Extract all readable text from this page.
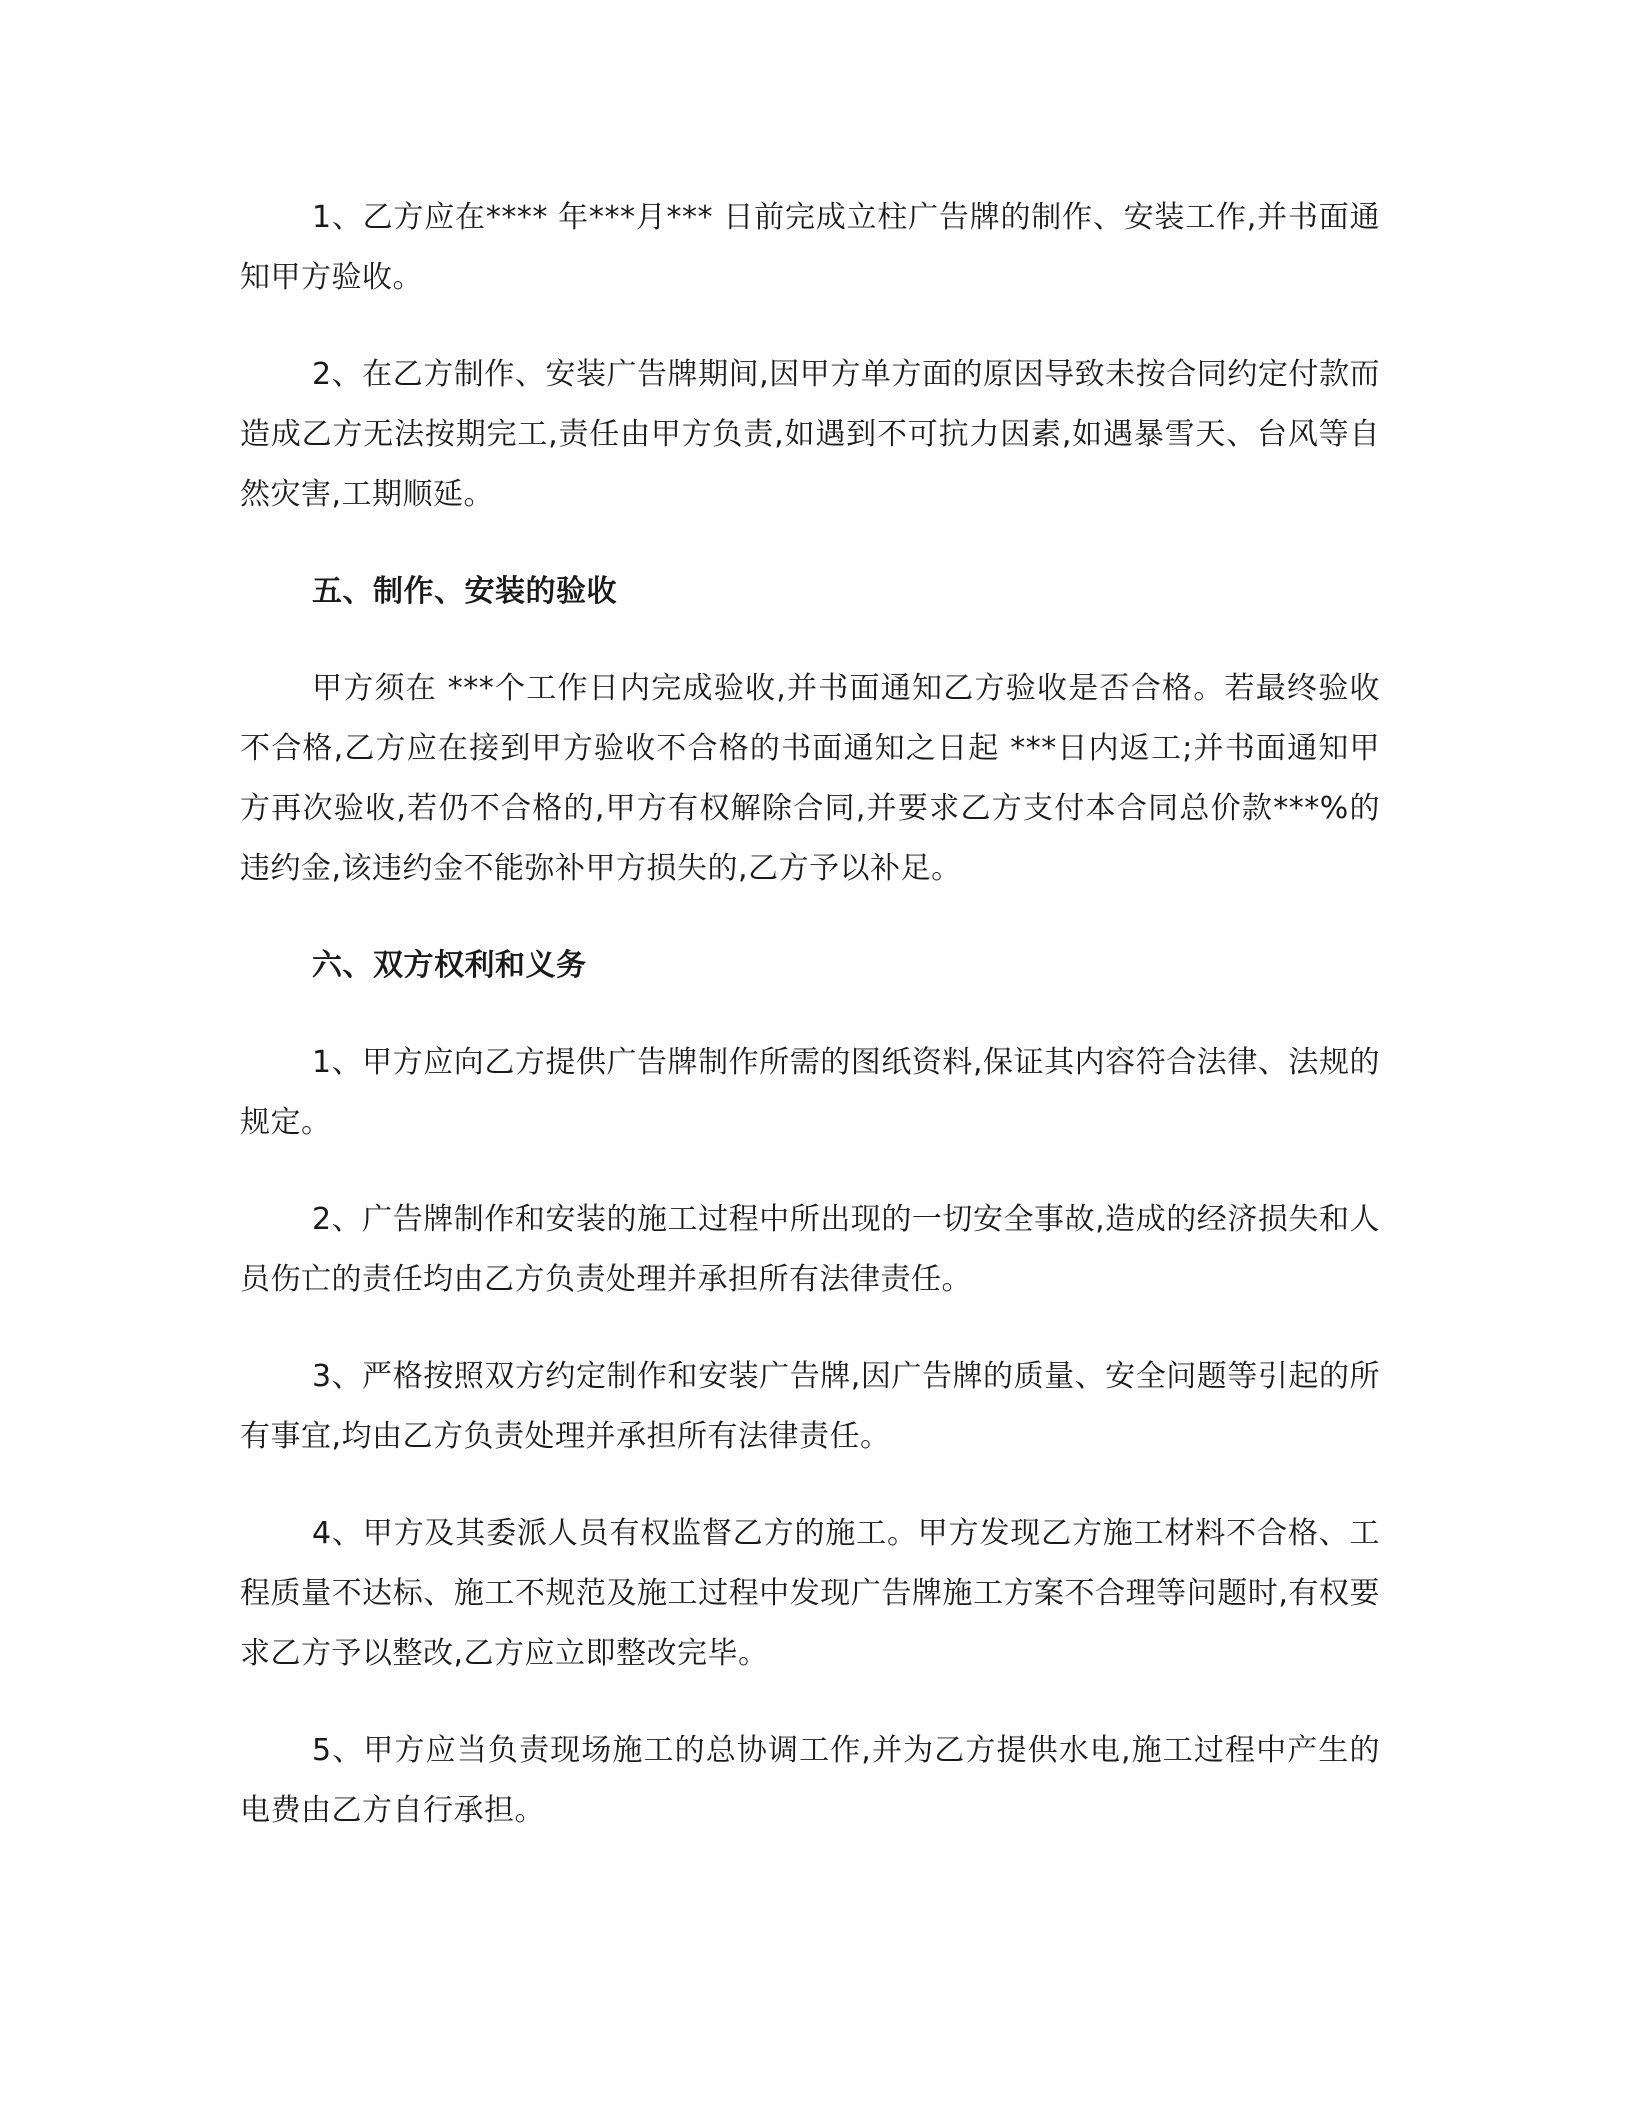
1、乙方应在**** 年***月*** 日前完成立柱广告牌的制作、安装工作,并书面通知甲方验收。

2、在乙方制作、安装广告牌期间,因甲方单方面的原因导致未按合同约定付款而造成乙方无法按期完工,责任由甲方负责,如遇到不可抗力因素,如遇暴雪天、台风等自然灾害,工期顺延。

五、制作、安装的验收

甲方须在 ***个工作日内完成验收,并书面通知乙方验收是否合格。若最终验收不合格,乙方应在接到甲方验收不合格的书面通知之日起 ***日内返工;并书面通知甲方再次验收,若仍不合格的,甲方有权解除合同,并要求乙方支付本合同总价款***%的违约金,该违约金不能弥补甲方损失的,乙方予以补足。

六、双方权利和义务

1、甲方应向乙方提供广告牌制作所需的图纸资料,保证其内容符合法律、法规的规定。

2、广告牌制作和安装的施工过程中所出现的一切安全事故,造成的经济损失和人员伤亡的责任均由乙方负责处理并承担所有法律责任。

3、严格按照双方约定制作和安装广告牌,因广告牌的质量、安全问题等引起的所有事宜,均由乙方负责处理并承担所有法律责任。

4、甲方及其委派人员有权监督乙方的施工。甲方发现乙方施工材料不合格、工程质量不达标、施工不规范及施工过程中发现广告牌施工方案不合理等问题时,有权要求乙方予以整改,乙方应立即整改完毕。

5、甲方应当负责现场施工的总协调工作,并为乙方提供水电,施工过程中产生的电费由乙方自行承担。
